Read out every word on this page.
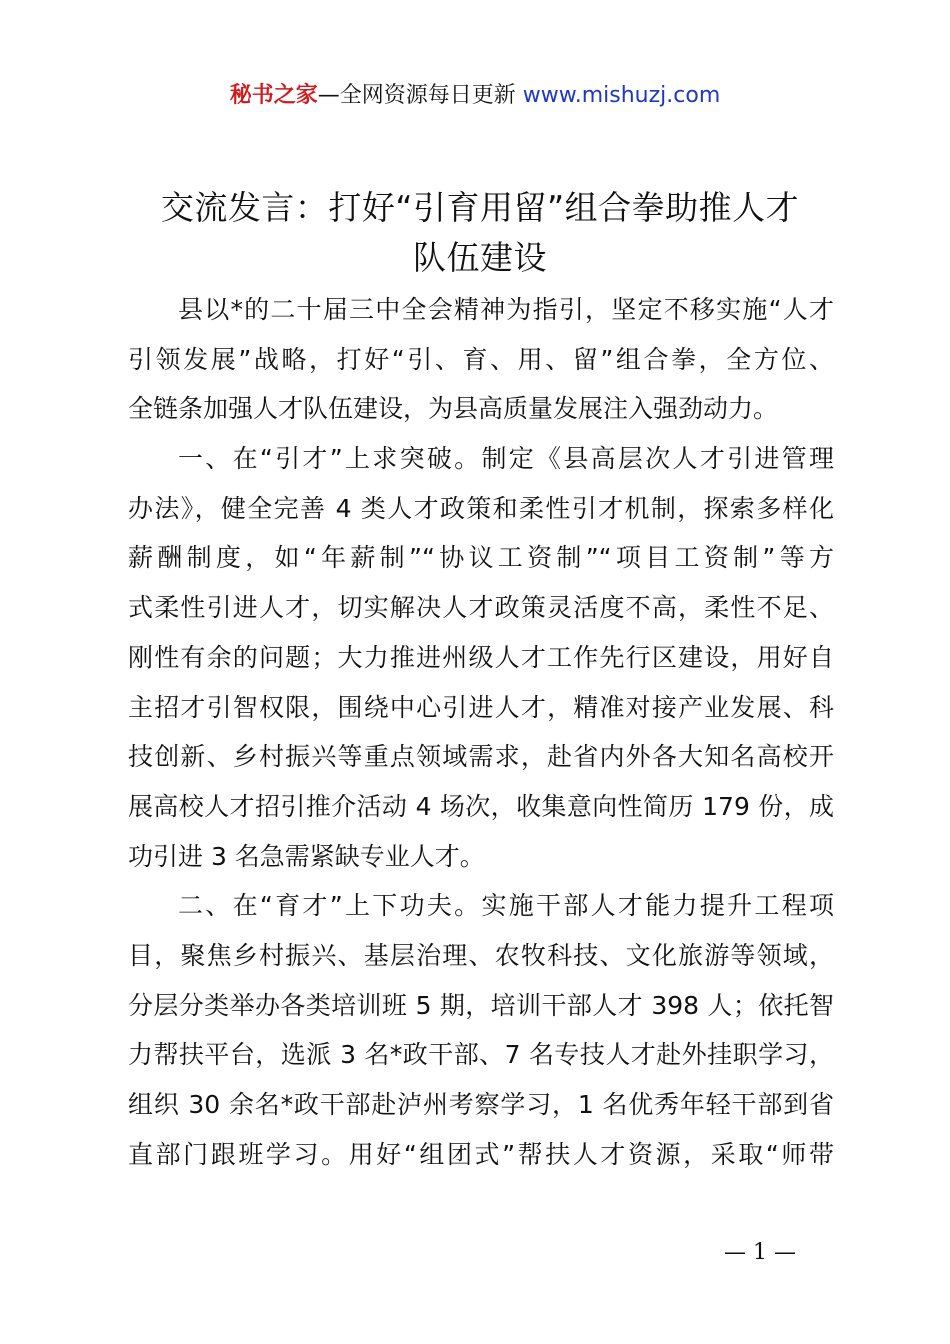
秘书之家—全网资源每日更新 www.mishuzj.com
交流发言：打好“引育用留”组合拳助推人才
队伍建设
县以*的二十届三中全会精神为指引，坚定不移实施“人才
引领发展”战略，打好“引、育、用、留”组合拳，全方位、
全链条加强人才队伍建设，为县高质量发展注入强劲动力。
一、在“引才”上求突破。制定《县高层次人才引进管理
办法》，健全完善 4 类人才政策和柔性引才机制，探索多样化
薪酬制度，如“年薪制”“协议工资制”“项目工资制”等方
式柔性引进人才，切实解决人才政策灵活度不高，柔性不足、
刚性有余的问题；大力推进州级人才工作先行区建设，用好自
主招才引智权限，围绕中心引进人才，精准对接产业发展、科
技创新、乡村振兴等重点领域需求，赴省内外各大知名高校开
展高校人才招引推介活动 4 场次，收集意向性简历 179 份，成
功引进 3 名急需紧缺专业人才。
二、在“育才”上下功夫。实施干部人才能力提升工程项
目，聚焦乡村振兴、基层治理、农牧科技、文化旅游等领域，
分层分类举办各类培训班 5 期，培训干部人才 398 人；依托智
力帮扶平台，选派 3 名*政干部、7 名专技人才赴外挂职学习，
组织 30 余名*政干部赴泸州考察学习，1 名优秀年轻干部到省
直部门跟班学习。用好“组团式”帮扶人才资源，采取“师带
— 1 —
